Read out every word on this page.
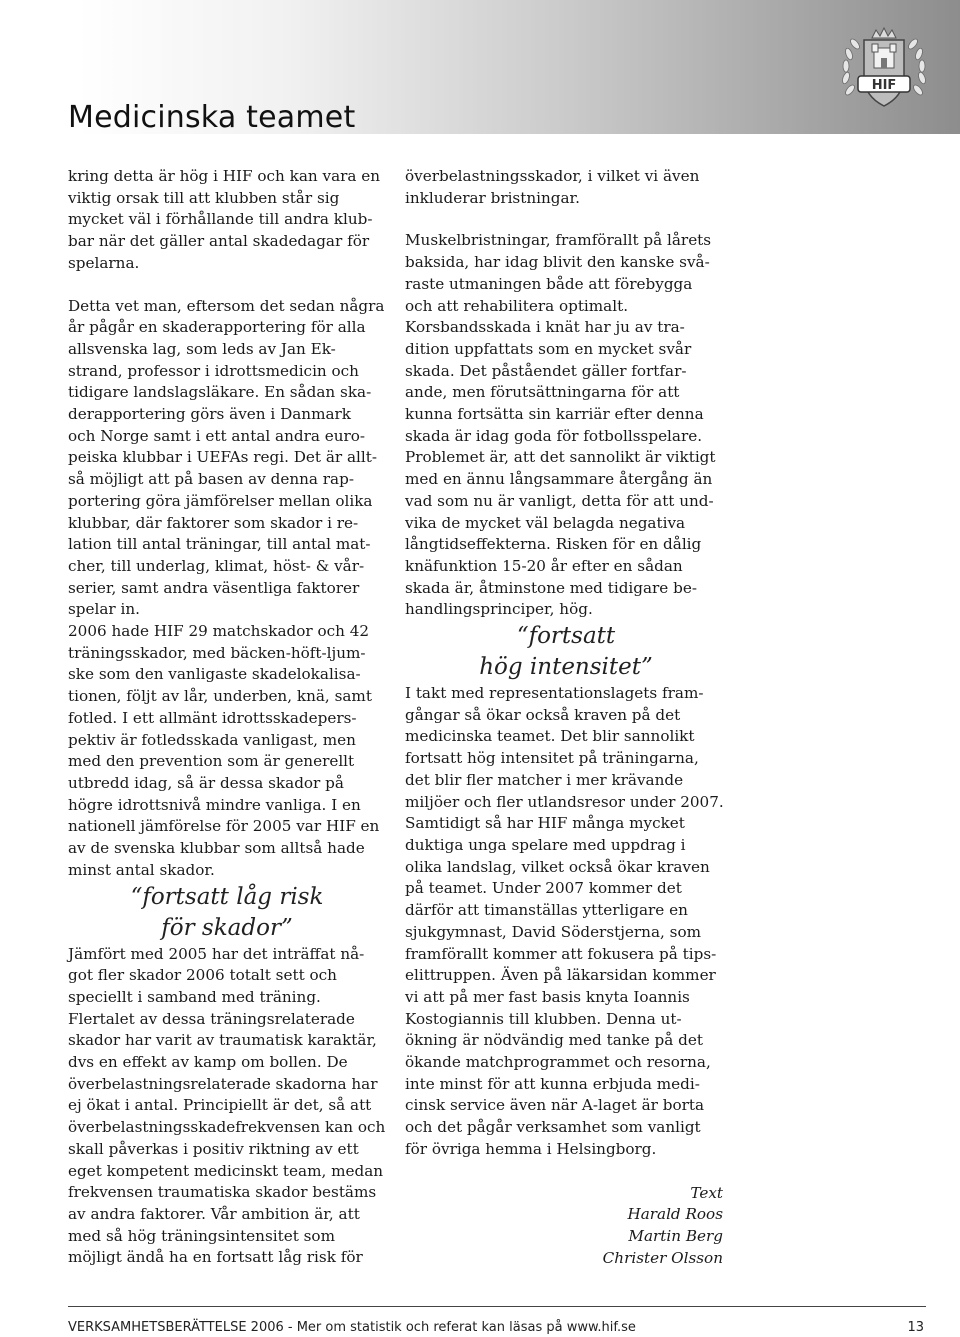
HIF
Medicinska teamet

kring detta är hög i HIF och kan vara en
viktig orsak till att klubben står sig
mycket väl i förhållande till andra klub-
bar när det gäller antal skadedagar för
spelarna.

Detta vet man, eftersom det sedan några
år pågår en skaderapportering för alla
allsvenska lag, som leds av Jan Ek-
strand, professor i idrottsmedicin och
tidigare landslagsläkare. En sådan ska-
derapportering görs även i Danmark
och Norge samt i ett antal andra euro-
peiska klubbar i UEFAs regi. Det är allt-
så möjligt att på basen av denna rap-
portering göra jämförelser mellan olika
klubbar, där faktorer som skador i re-
lation till antal träningar, till antal mat-
cher, till underlag, klimat, höst- & vår-
serier, samt andra väsentliga faktorer
spelar in.

2006 hade HIF 29 matchskador och 42
träningsskador, med bäcken-höft-ljum-
ske som den vanligaste skadelokalisa-
tionen, följt av lår, underben, knä, samt
fotled. I ett allmänt idrottsskadepers-
pektiv är fotledsskada vanligast, men
med den prevention som är generellt
utbredd idag, så är dessa skador på
högre idrottsnivå mindre vanliga. I en
nationell jämförelse för 2005 var HIF en
av de svenska klubbar som alltså hade
minst antal skador.

“fortsatt låg risk
för skador”

Jämfört med 2005 har det inträffat nå-
got fler skador 2006 totalt sett och
speciellt i samband med träning.
Flertalet av dessa träningsrelaterade
skador har varit av traumatisk karaktär,
dvs en effekt av kamp om bollen. De
överbelastningsrelaterade skadorna har
ej ökat i antal. Principiellt är det, så att
överbelastningsskadefrekvensen kan och
skall påverkas i positiv riktning av ett
eget kompetent medicinskt team, medan
frekvensen traumatiska skador bestäms
av andra faktorer. Vår ambition är, att
med så hög träningsintensitet som
möjligt ändå ha en fortsatt låg risk för

överbelastningsskador, i vilket vi även
inkluderar bristningar.

Muskelbristningar, framförallt på lårets
baksida, har idag blivit den kanske svå-
raste utmaningen både att förebygga
och att rehabilitera optimalt.
Korsbandsskada i knät har ju av tra-
dition uppfattats som en mycket svår
skada. Det påståendet gäller fortfar-
ande, men förutsättningarna för att
kunna fortsätta sin karriär efter denna
skada är idag goda för fotbollsspelare.
Problemet är, att det sannolikt är viktigt
med en ännu långsammare återgång än
vad som nu är vanligt, detta för att und-
vika de mycket väl belagda negativa
långtidseffekterna. Risken för en dålig
knäfunktion 15-20 år efter en sådan
skada är, åtminstone med tidigare be-
handlingsprinciper, hög.

“fortsatt
hög intensitet”

I takt med representationslagets fram-
gångar så ökar också kraven på det
medicinska teamet. Det blir sannolikt
fortsatt hög intensitet på träningarna,
det blir fler matcher i mer krävande
miljöer och fler utlandsresor under 2007.
Samtidigt så har HIF många mycket
duktiga unga spelare med uppdrag i
olika landslag, vilket också ökar kraven
på teamet. Under 2007 kommer det
därför att timanställas ytterligare en
sjukgymnast, David Söderstjerna, som
framförallt kommer att fokusera på tips-
elittruppen. Även på läkarsidan kommer
vi att på mer fast basis knyta Ioannis
Kostogiannis till klubben. Denna ut-
ökning är nödvändig med tanke på det
ökande matchprogrammet och resorna,
inte minst för att kunna erbjuda medi-
cinsk service även när A-laget är borta
och det pågår verksamhet som vanligt
för övriga hemma i Helsingborg.

Text
Harald Roos
Martin Berg
Christer Olsson

VERKSAMHETSBERÄTTELSE 2006 - Mer om statistik och referat kan läsas på www.hif.se	13
